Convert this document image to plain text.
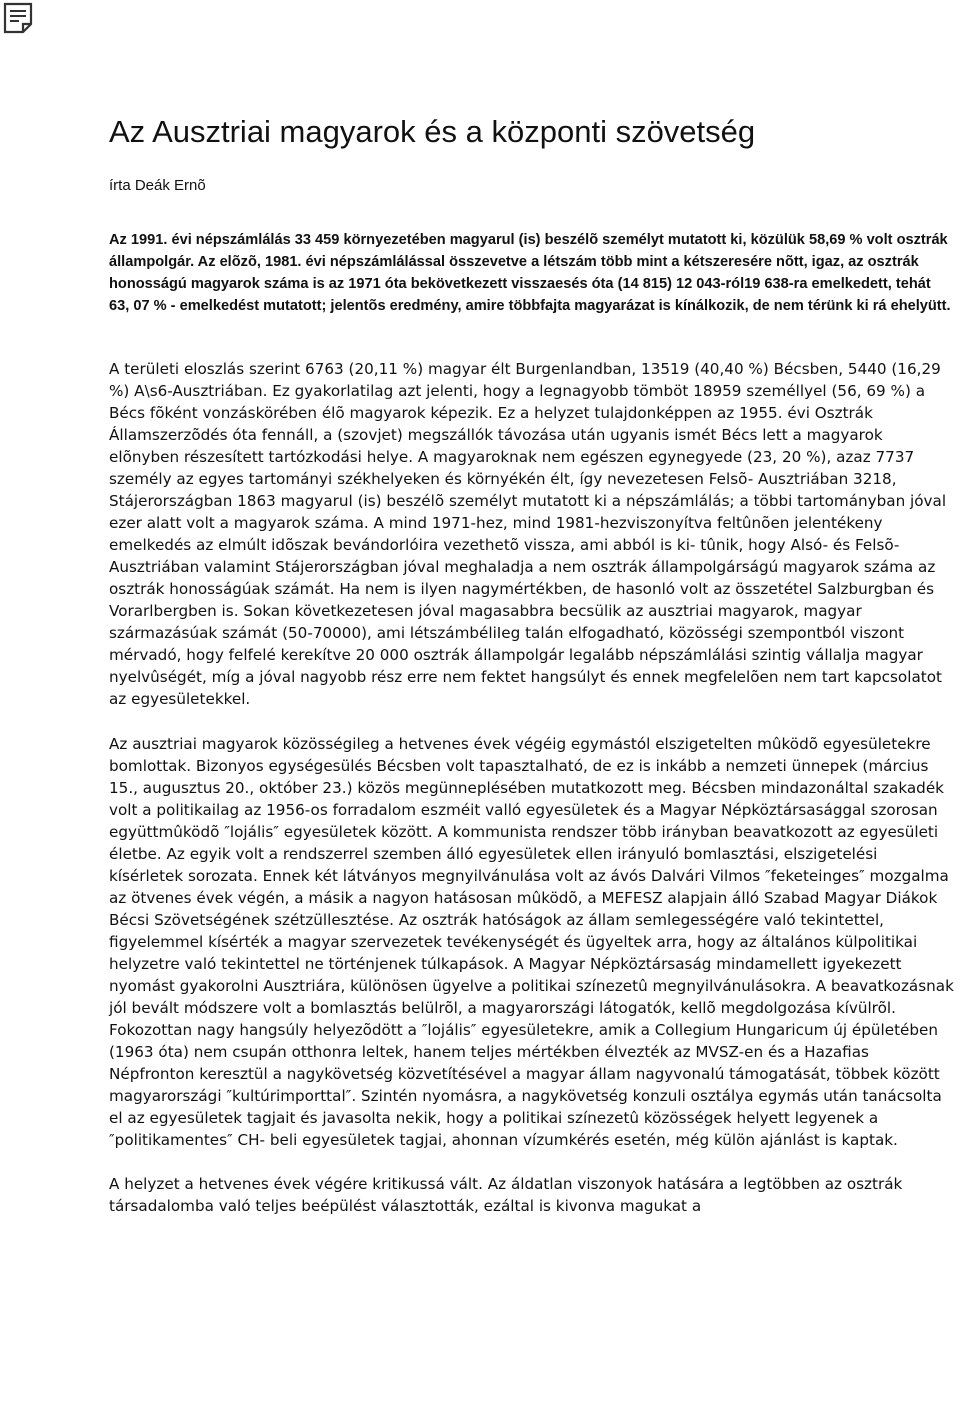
Az Ausztriai magyarok és a központi szövetség

írta Deák Ernõ

Az 1991. évi népszámlálás 33 459 környezetében magyarul (is) beszélõ személyt mutatott ki, közülük 58,69 % volt osztrák állampolgár. Az elõzõ, 1981. évi népszámlálással összevetve a létszám több mint a kétszeresére nõtt, igaz, az osztrák honosságú magyarok száma is az 1971 óta bekövetkezett visszaesés óta (14 815) 12 043-ról19 638-ra emelkedett, tehát 63, 07 % - emelkedést mutatott; jelentõs eredmény, amire többfajta magyarázat is kínálkozik, de nem térünk ki rá ehelyütt.

A területi eloszlás szerint 6763 (20,11 %) magyar élt Burgenlandban, 13519 (40,40 %) Bécsben, 5440 (16,29 %) A\s6-Ausztriában. Ez gyakorlatilag azt jelenti, hogy a legnagyobb tömböt 18959 személlyel (56, 69 %) a Bécs fõként vonzáskörében élõ magyarok képezik. Ez a helyzet tulajdonképpen az 1955. évi Osztrák Államszerzõdés óta fennáll, a (szovjet) megszállók távozása után ugyanis ismét Bécs lett a magyarok elõnyben részesített tartózkodási helye. A magyaroknak nem egészen egynegyede (23, 20 %), azaz 7737 személy az egyes tartományi székhelyeken és környékén élt, így nevezetesen Felsõ- Ausztriában 3218, Stájerországban 1863 magyarul (is) beszélõ személyt mutatott ki a népszámlálás; a többi tartományban jóval ezer alatt volt a magyarok száma. A mind 1971-hez, mind 1981-hezviszonyítva feltûnõen jelentékeny emelkedés az elmúlt idõszak bevándorlóira vezethetõ vissza, ami abból is ki- tûnik, hogy Alsó- és Felsõ-Ausztriában valamint Stájerországban jóval meghaladja a nem osztrák állampolgárságú magyarok száma az osztrák honosságúak számát. Ha nem is ilyen nagymértékben, de hasonló volt az összetétel Salzburgban és Vorarlbergben is. Sokan következetesen jóval magasabbra becsülik az ausztriai magyarok, magyar származásúak számát (50-70000), ami létszámbéliIeg talán elfogadható, közösségi szempontból viszont mérvadó, hogy felfelé kerekítve 20 000 osztrák állampolgár legalább népszámlálási szintig vállalja magyar nyelvûségét, míg a jóval nagyobb rész erre nem fektet hangsúlyt és ennek megfelelõen nem tart kapcsolatot az egyesületekkel.

Az ausztriai magyarok közösségileg a hetvenes évek végéig egymástól elszigetelten mûködõ egyesületekre bomlottak. Bizonyos egységesülés Bécsben volt tapasztalható, de ez is inkább a nemzeti ünnepek (március 15., augusztus 20., október 23.) közös megünneplésében mutatkozott meg. Bécsben mindazonáltal szakadék volt a politikailag az 1956-os forradalom eszméit valló egyesületek és a Magyar Népköztársasággal szorosan együttmûködõ ″lojális″ egyesületek között. A kommunista rendszer több irányban beavatkozott az egyesületi életbe. Az egyik volt a rendszerrel szemben álló egyesületek ellen irányuló bomlasztási, elszigetelési kísérletek sorozata. Ennek két látványos megnyilvánulása volt az ávós Dalvári Vilmos ″feketeinges″ mozgalma az ötvenes évek végén, a másik a nagyon hatásosan mûködõ, a MEFESZ alapjain álló Szabad Magyar Diákok Bécsi Szövetségének szétzüllesztése. Az osztrák hatóságok az állam semlegességére való tekintettel, figyelemmel kísérték a magyar szervezetek tevékenységét és ügyeltek arra, hogy az általános külpolitikai helyzetre való tekintettel ne történjenek túlkapások. A Magyar Népköztársaság mindamellett igyekezett nyomást gyakorolni Ausztriára, különösen ügyelve a politikai színezetû megnyilvánulásokra. A beavatkozásnak jól bevált módszere volt a bomlasztás belülrõl, a magyarországi látogatók, kellõ megdolgozása kívülrõl. Fokozottan nagy hangsúly helyezõdött a ″lojális″ egyesületekre, amik a Collegium Hungaricum új épületében (1963 óta) nem csupán otthonra leltek, hanem teljes mértékben élvezték az MVSZ-en és a Hazafias Népfronton keresztül a nagykövetség közvetítésével a magyar állam nagyvonalú támogatását, többek között magyarországi ″kultúrimporttal″. Szintén nyomásra, a nagykövetség konzuli osztálya egymás után tanácsolta el az egyesületek tagjait és javasolta nekik, hogy a politikai színezetû közösségek helyett legyenek a ″politikamentes″ CH- beli egyesületek tagjai, ahonnan vízumkérés esetén, még külön ajánlást is kaptak.

A helyzet a hetvenes évek végére kritikussá vált. Az áldatlan viszonyok hatására a legtöbben az osztrák társadalomba való teljes beépülést választották, ezáltal is kivonva magukat a
